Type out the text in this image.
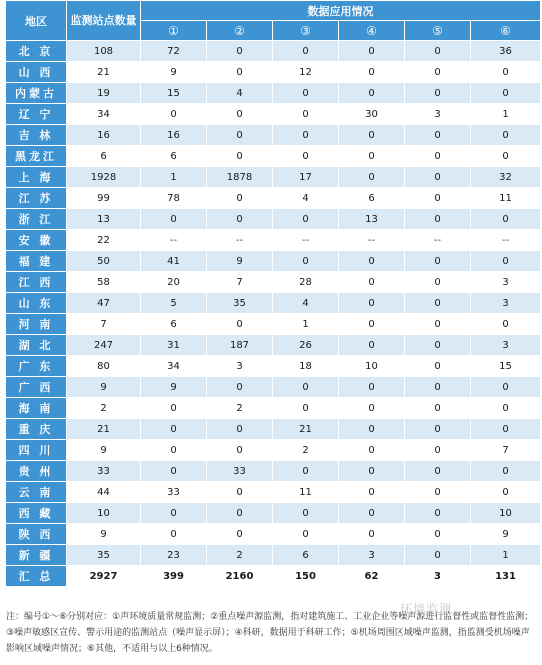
地区	监测站点数量	数据应用情况					
		①	②	③	④	⑤	⑥
北 京	108	72	0	0	0	0	36
山 西	21	9	0	12	0	0	0
内蒙古	19	15	4	0	0	0	0
辽 宁	34	0	0	0	30	3	1
吉 林	16	16	0	0	0	0	0
黑龙江	6	6	0	0	0	0	0
上 海	1928	1	1878	17	0	0	32
江 苏	99	78	0	4	6	0	11
浙 江	13	0	0	0	13	0	0
安 徽	22	--	--	--	--	--	--
福 建	50	41	9	0	0	0	0
江 西	58	20	7	28	0	0	3
山 东	47	5	35	4	0	0	3
河 南	7	6	0	1	0	0	0
湖 北	247	31	187	26	0	0	3
广 东	80	34	3	18	10	0	15
广 西	9	9	0	0	0	0	0
海 南	2	0	2	0	0	0	0
重 庆	21	0	0	21	0	0	0
四 川	9	0	0	2	0	0	7
贵 州	33	0	33	0	0	0	0
云 南	44	33	0	11	0	0	0
西 藏	10	0	0	0	0	0	10
陕 西	9	0	0	0	0	0	9
新 疆	35	23	2	6	3	0	1
汇 总	2927	399	2160	150	62	3	131
注：编号①～⑥分别对应：①声环境质量常规监测；②重点噪声源监测，指对建筑施工、工业企业等噪声源进行监督性或监督性监测；③噪声敏感区宣传、警示用途的监测站点（噪声显示屏）；④科研，数据用于科研工作；⑤机场周围区域噪声监测，指监测受机场噪声影响区域噪声情况；⑥其他，不适用与以上6种情况。
环境监测
